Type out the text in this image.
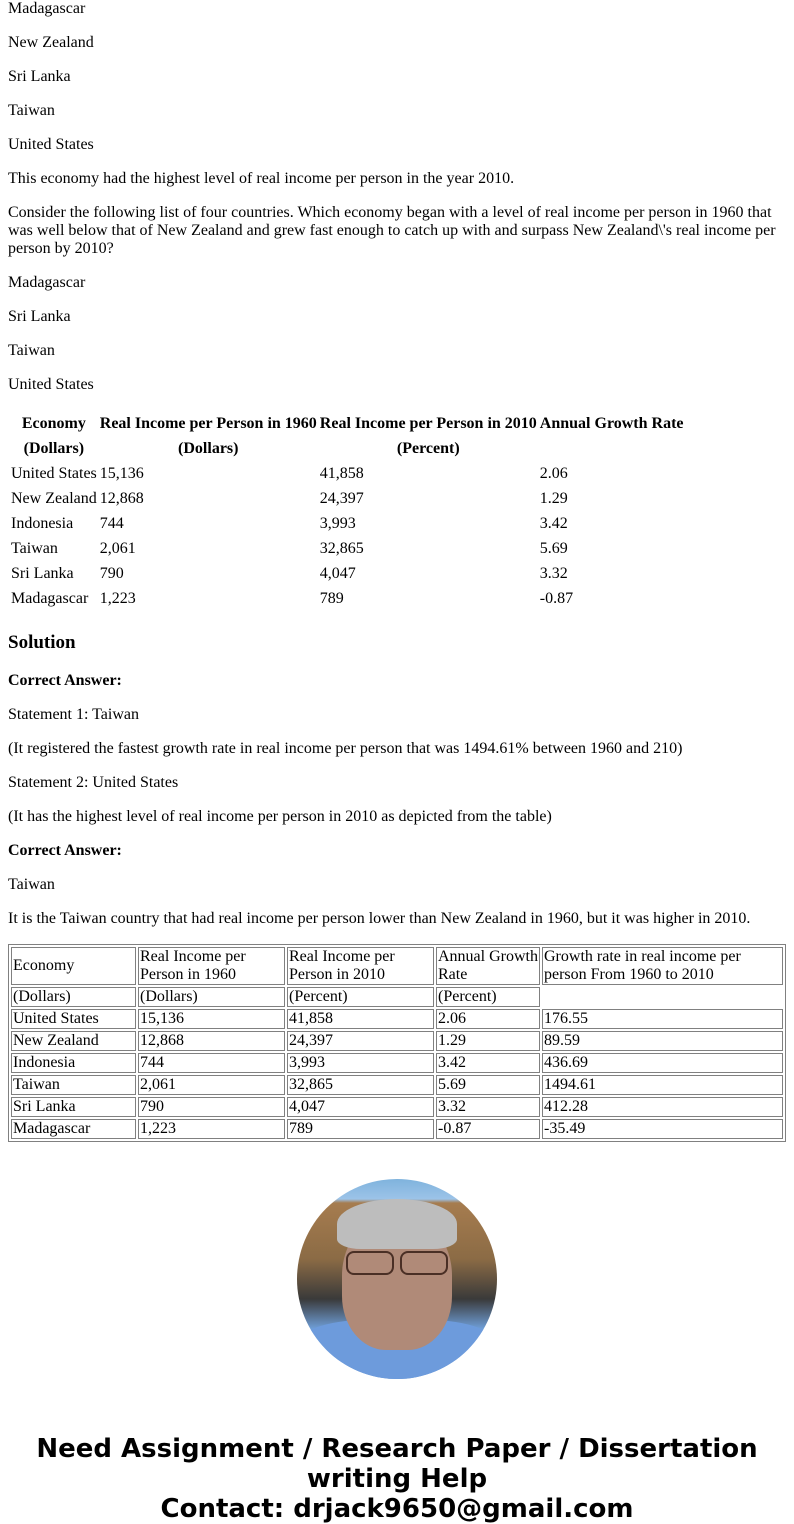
Madagascar

New Zealand

Sri Lanka

Taiwan

United States

This economy had the highest level of real income per person in the year 2010.

Consider the following list of four countries. Which economy began with a level of real income per person in 1960 that was well below that of New Zealand and grew fast enough to catch up with and surpass New Zealand\'s real income per person by 2010?

Madagascar

Sri Lanka

Taiwan

United States

Economy	Real Income per Person in 1960	Real Income per Person in 2010	Annual Growth Rate
(Dollars)	(Dollars)	(Percent)	
United States	15,136	41,858	2.06
New Zealand	12,868	24,397	1.29
Indonesia	744	3,993	3.42
Taiwan	2,061	32,865	5.69
Sri Lanka	790	4,047	3.32
Madagascar	1,223	789	-0.87
Solution

Correct Answer:

Statement 1: Taiwan

(It registered the fastest growth rate in real income per person that was 1494.61% between 1960 and 210)

Statement 2: United States

(It has the highest level of real income per person in 2010 as depicted from the table)

Correct Answer:

Taiwan

It is the Taiwan country that had real income per person lower than New Zealand in 1960, but it was higher in 2010.

Economy	Real Income per Person in 1960	Real Income per Person in 2010	Annual Growth Rate	Growth rate in real income per person From 1960 to 2010
(Dollars)	(Dollars)	(Percent)	(Percent)	
United States	15,136	41,858	2.06	176.55
New Zealand	12,868	24,397	1.29	89.59
Indonesia	744	3,993	3.42	436.69
Taiwan	2,061	32,865	5.69	1494.61
Sri Lanka	790	4,047	3.32	412.28
Madagascar	1,223	789	-0.87	-35.49
Need Assignment / Research Paper / Dissertation writing Help
Contact: drjack9650@gmail.com
